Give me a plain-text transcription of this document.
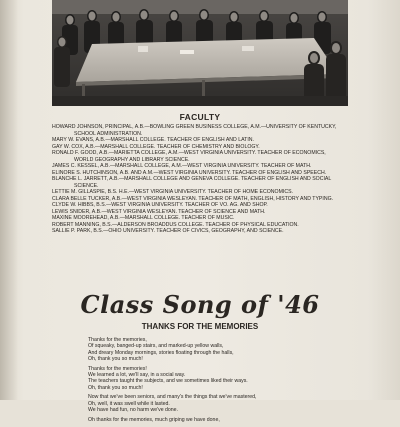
FACULTY
HOWARD JOHNSON, PRINCIPAL, A.B.—BOWLING GREEN BUSINESS COLLEGE, A.M.—UNIVERSITY OF KENTUCKY,
SCHOOL ADMINISTRATION.
MARY W. EVANS, A.B.—MARSHALL COLLEGE. TEACHER OF ENGLISH AND LATIN.
GAY W. COX, A.B.—MARSHALL COLLEGE. TEACHER OF CHEMISTRY AND BIOLOGY.
RONALD F. GOOD, A.B.—MARIETTA COLLEGE, A.M.—WEST VIRGINIA UNIVERSITY. TEACHER OF ECONOMICS,
WORLD GEOGRAPHY AND LIBRARY SCIENCE.
JAMES C. KESSEL, A.B.—MARSHALL COLLEGE, A.M.—WEST VIRGINIA UNIVERSITY. TEACHER OF MATH.
ELINORE S. HUTCHINSON, A.B. AND A.M.—WEST VIRGINIA UNIVERSITY. TEACHER OF ENGLISH AND SPEECH.
BLANCHE L. JARRETT, A.B.—MARSHALL COLLEGE AND GENEVA COLLEGE. TEACHER OF ENGLISH AND SOCIAL
SCIENCE.
LETTIE M. GILLASPIE, B.S. H.E.—WEST VIRGINIA UNIVERSITY. TEACHER OF HOME ECONOMICS.
CLARA BELLE TUCKER, A.B.—WEST VIRGINIA WESLEYAN. TEACHER OF MATH, ENGLISH, HISTORY AND TYPING.
CLYDE W. HIBBS, B.S.—WEST VIRGINIA UNIVERSITY. TEACHER OF VO. AG. AND SHOP.
LEWIS SNIDER, A.B.—WEST VIRGINIA WESLEYAN. TEACHER OF SCIENCE AND MATH.
MAXINE MOOREHEAD, A.B.—MARSHALL COLLEGE. TEACHER OF MUSIC.
ROBERT MANNING, B.S.—ALDERSON BROADDUS COLLEGE. TEACHER OF PHYSICAL EDUCATION.
SALLIE P. PARK, B.S.—OHIO UNIVERSITY. TEACHER OF CIVICS, GEOGRAPHY, AND SCIENCE.
Class Song of '46
THANKS FOR THE MEMORIES
Thanks for the memories,
Of squeaky, banged-up stairs, and marked-up yellow walls,
And dreary Monday mornings, stories floating through the halls,
Oh, thank you so much!
Thanks for the memories!
We learned a lot, we'll say, in a social way.
The teachers taught the subjects, and we sometimes liked their ways.
Oh, thank you so much!
Now that we've been seniors, and many's the things that we've mastered,
Oh, well, it was swell while it lasted.
We have had fun, no harm we've done.
Oh thanks for the memories, much griping we have done,
